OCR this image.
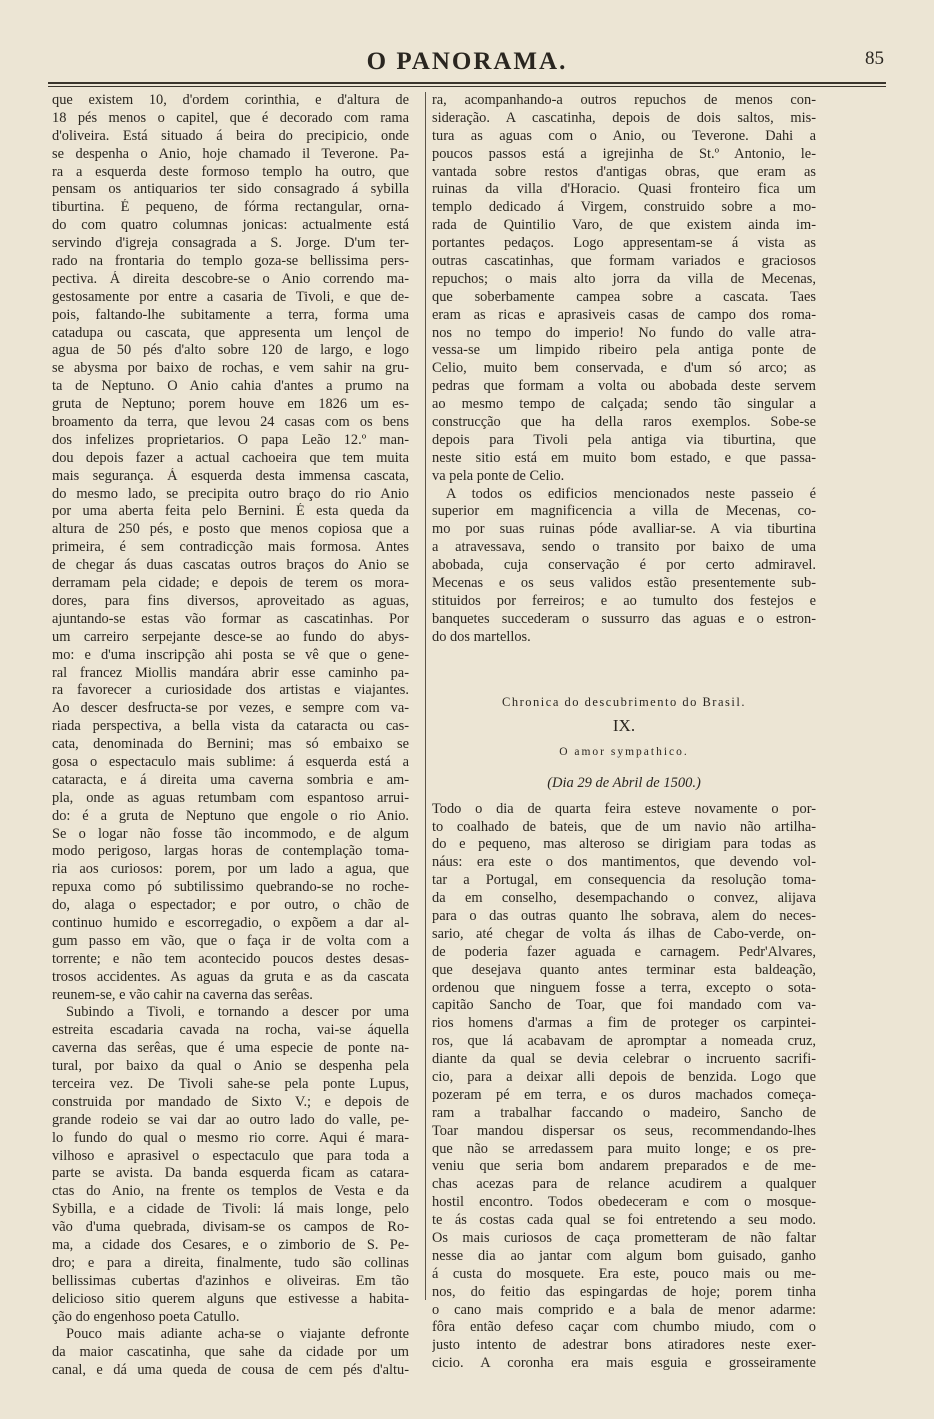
O PANORAMA.	85
que existem 10, d'ordem corinthia, e d'altura de
18 pés menos o capitel, que é decorado com rama
d'oliveira. Está situado á beira do precipicio, onde
se despenha o Anio, hoje chamado il Teverone. Pa-
ra a esquerda deste formoso templo ha outro, que
pensam os antiquarios ter sido consagrado á sybilla
tiburtina. É pequeno, de fórma rectangular, orna-
do com quatro columnas jonicas: actualmente está
servindo d'igreja consagrada a S. Jorge. D'um ter-
rado na frontaria do templo goza-se bellissima pers-
pectiva. Á direita descobre-se o Anio correndo ma-
gestosamente por entre a casaria de Tivoli, e que de-
pois, faltando-lhe subitamente a terra, forma uma
catadupa ou cascata, que appresenta um lençol de
agua de 50 pés d'alto sobre 120 de largo, e logo
se abysma por baixo de rochas, e vem sahir na gru-
ta de Neptuno. O Anio cahia d'antes a prumo na
gruta de Neptuno; porem houve em 1826 um es-
broamento da terra, que levou 24 casas com os bens
dos infelizes proprietarios. O papa Leão 12.º man-
dou depois fazer a actual cachoeira que tem muita
mais segurança. Á esquerda desta immensa cascata,
do mesmo lado, se precipita outro braço do rio Anio
por uma aberta feita pelo Bernini. É esta queda da
altura de 250 pés, e posto que menos copiosa que a
primeira, é sem contradicção mais formosa. Antes
de chegar ás duas cascatas outros braços do Anio se
derramam pela cidade; e depois de terem os mora-
dores, para fins diversos, aproveitado as aguas,
ajuntando-se estas vão formar as cascatinhas. Por
um carreiro serpejante desce-se ao fundo do abys-
mo: e d'uma inscripção ahi posta se vê que o gene-
ral francez Miollis mandára abrir esse caminho pa-
ra favorecer a curiosidade dos artistas e viajantes.
Ao descer desfructa-se por vezes, e sempre com va-
riada perspectiva, a bella vista da cataracta ou cas-
cata, denominada do Bernini; mas só embaixo se
gosa o espectaculo mais sublime: á esquerda está a
cataracta, e á direita uma caverna sombria e am-
pla, onde as aguas retumbam com espantoso arrui-
do: é a gruta de Neptuno que engole o rio Anio.
Se o logar não fosse tão incommodo, e de algum
modo perigoso, largas horas de contemplação toma-
ria aos curiosos: porem, por um lado a agua, que
repuxa como pó subtilissimo quebrando-se no roche-
do, alaga o espectador; e por outro, o chão de
continuo humido e escorregadio, o expõem a dar al-
gum passo em vão, que o faça ir de volta com a
torrente; e não tem acontecido poucos destes desas-
trosos accidentes. As aguas da gruta e as da cascata
reunem-se, e vão cahir na caverna das serêas.
Subindo a Tivoli, e tornando a descer por uma
estreita escadaria cavada na rocha, vai-se áquella
caverna das serêas, que é uma especie de ponte na-
tural, por baixo da qual o Anio se despenha pela
terceira vez. De Tivoli sahe-se pela ponte Lupus,
construida por mandado de Sixto V.; e depois de
grande rodeio se vai dar ao outro lado do valle, pe-
lo fundo do qual o mesmo rio corre. Aqui é mara-
vilhoso e aprasivel o espectaculo que para toda a
parte se avista. Da banda esquerda ficam as catara-
ctas do Anio, na frente os templos de Vesta e da
Sybilla, e a cidade de Tivoli: lá mais longe, pelo
vão d'uma quebrada, divisam-se os campos de Ro-
ma, a cidade dos Cesares, e o zimborio de S. Pe-
dro; e para a direita, finalmente, tudo são collinas
bellissimas cubertas d'azinhos e oliveiras. Em tão
delicioso sitio querem alguns que estivesse a habita-
ção do engenhoso poeta Catullo.
Pouco mais adiante acha-se o viajante defronte
da maior cascatinha, que sahe da cidade por um
canal, e dá uma queda de cousa de cem pés d'altu-
ra, acompanhando-a outros repuchos de menos con-
sideração. A cascatinha, depois de dois saltos, mis-
tura as aguas com o Anio, ou Teverone. Dahi a
poucos passos está a igrejinha de St.º Antonio, le-
vantada sobre restos d'antigas obras, que eram as
ruinas da villa d'Horacio. Quasi fronteiro fica um
templo dedicado á Virgem, construido sobre a mo-
rada de Quintilio Varo, de que existem ainda im-
portantes pedaços. Logo appresentam-se á vista as
outras cascatinhas, que formam variados e graciosos
repuchos; o mais alto jorra da villa de Mecenas,
que soberbamente campea sobre a cascata. Taes
eram as ricas e aprasiveis casas de campo dos roma-
nos no tempo do imperio! No fundo do valle atra-
vessa-se um limpido ribeiro pela antiga ponte de
Celio, muito bem conservada, e d'um só arco; as
pedras que formam a volta ou abobada deste servem
ao mesmo tempo de calçada; sendo tão singular a
construcção que ha della raros exemplos. Sobe-se
depois para Tivoli pela antiga via tiburtina, que
neste sitio está em muito bom estado, e que passa-
va pela ponte de Celio.
A todos os edificios mencionados neste passeio é
superior em magnificencia a villa de Mecenas, co-
mo por suas ruinas póde avalliar-se. A via tiburtina
a atravessava, sendo o transito por baixo de uma
abobada, cuja conservação é por certo admiravel.
Mecenas e os seus validos estão presentemente sub-
stituidos por ferreiros; e ao tumulto dos festejos e
banquetes succederam o sussurro das aguas e o estron-
do dos martellos.
Chronica do descubrimento do Brasil.
IX.
O amor sympathico.
(Dia 29 de Abril de 1500.)
Todo o dia de quarta feira esteve novamente o por-
to coalhado de bateis, que de um navio não artilha-
do e pequeno, mas alteroso se dirigiam para todas as
náus: era este o dos mantimentos, que devendo vol-
tar a Portugal, em consequencia da resolução toma-
da em conselho, desempachando o convez, alijava
para o das outras quanto lhe sobrava, alem do neces-
sario, até chegar de volta ás ilhas de Cabo-verde, on-
de poderia fazer aguada e carnagem. Pedr'Alvares,
que desejava quanto antes terminar esta baldeação,
ordenou que ninguem fosse a terra, excepto o sota-
capitão Sancho de Toar, que foi mandado com va-
rios homens d'armas a fim de proteger os carpintei-
ros, que lá acabavam de apromptar a nomeada cruz,
diante da qual se devia celebrar o incruento sacrifi-
cio, para a deixar alli depois de benzida. Logo que
pozeram pé em terra, e os duros machados começa-
ram a trabalhar faccando o madeiro, Sancho de
Toar mandou dispersar os seus, recommendando-lhes
que não se arredassem para muito longe; e os pre-
veniu que seria bom andarem preparados e de me-
chas acezas para de relance acudirem a qualquer
hostil encontro. Todos obedeceram e com o mosque-
te ás costas cada qual se foi entretendo a seu modo.
Os mais curiosos de caça prometteram de não faltar
nesse dia ao jantar com algum bom guisado, ganho
á custa do mosquete. Era este, pouco mais ou me-
nos, do feitio das espingardas de hoje; porem tinha
o cano mais comprido e a bala de menor adarme:
fôra então defeso caçar com chumbo miudo, com o
justo intento de adestrar bons atiradores neste exer-
cicio. A coronha era mais esguia e grosseiramente
